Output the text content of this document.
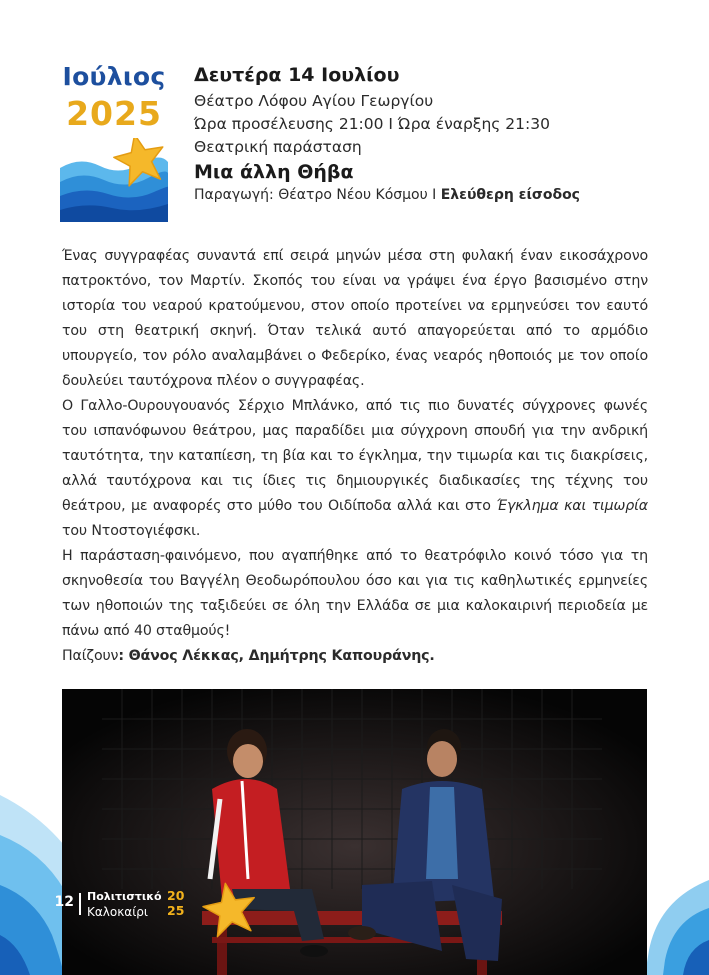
Ιούλιος
2025
Δευτέρα 14 Ιουλίου
Θέατρο Λόφου Αγίου Γεωργίου
Ώρα προσέλευσης 21:00 Ι Ώρα έναρξης 21:30
Θεατρική παράσταση
Μια άλλη Θήβα
Παραγωγή: Θέατρο Νέου Κόσμου Ι Ελεύθερη είσοδος

Ένας συγγραφέας συναντά επί σειρά μηνών μέσα στη φυλακή έναν εικοσάχρονο πατροκτόνο, τον Μαρτίν. Σκοπός του είναι να γράψει ένα έργο βασισμένο στην ιστορία του νεαρού κρατούμενου, στον οποίο προτείνει να ερμηνεύσει τον εαυτό του στη θεατρική σκηνή. Όταν τελικά αυτό απαγορεύεται από το αρμόδιο υπουργείο, τον ρόλο αναλαμβάνει ο Φεδερίκο, ένας νεαρός ηθοποιός με τον οποίο δουλεύει ταυτόχρονα πλέον ο συγγραφέας.

Ο Γαλλο-Ουρουγουανός Σέρχιο Μπλάνκο, από τις πιο δυνατές σύγχρονες φωνές του ισπανόφωνου θεάτρου, μας παραδίδει μια σύγχρονη σπουδή για την ανδρική ταυτότητα, την καταπίεση, τη βία και το έγκλημα, την τιμωρία και τις διακρίσεις, αλλά ταυτόχρονα και τις ίδιες τις δημιουργικές διαδικασίες της τέχνης του θεάτρου, με αναφορές στο μύθο του Οιδίποδα αλλά και στο Έγκλημα και τιμωρία του Ντοστογιέφσκι.

Η παράσταση-φαινόμενο, που αγαπήθηκε από το θεατρόφιλο κοινό τόσο για τη σκηνοθεσία του Βαγγέλη Θεοδωρόπουλου όσο και για τις καθηλωτικές ερμηνείες των ηθοποιών της ταξιδεύει σε όλη την Ελλάδα σε μια καλοκαιρινή περιοδεία με πάνω από 40 σταθμούς!

Παίζουν: Θάνος Λέκκας, Δημήτρης Καπουράνης.

12 Πολιτιστικό
Καλοκαίρι
20
25
